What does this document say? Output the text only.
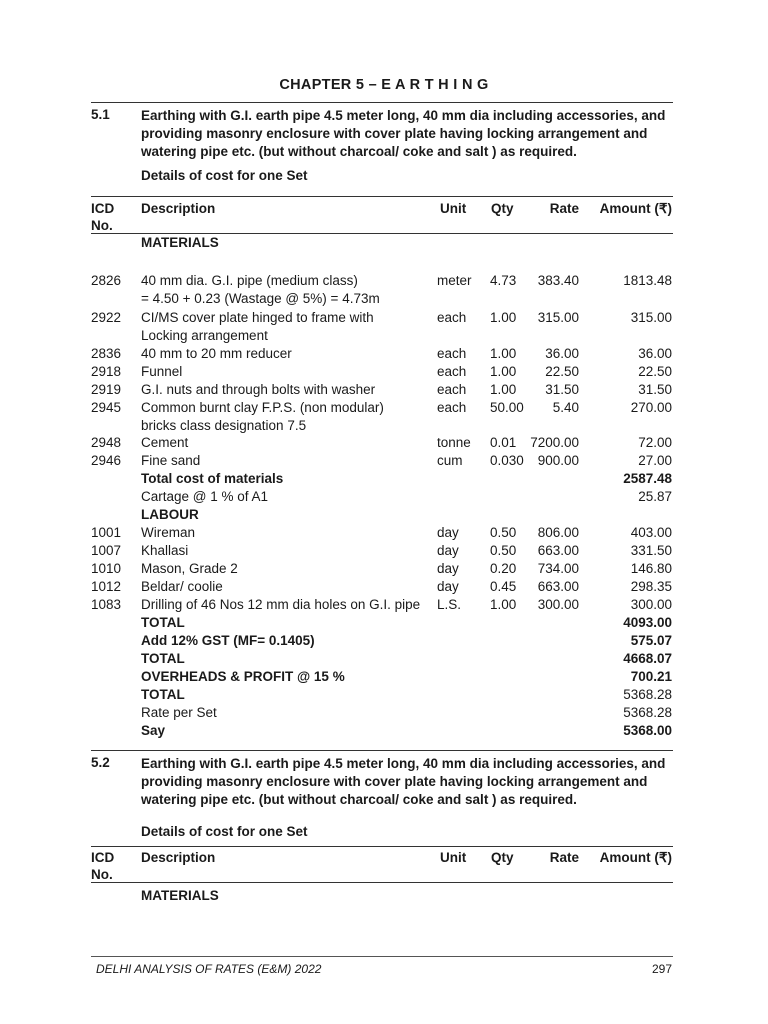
CHAPTER 5 – E A R T H I N G
5.1 Earthing with G.I. earth pipe 4.5 meter long, 40 mm dia including accessories, and
providing masonry enclosure with cover plate having locking arrangement and
watering pipe etc. (but without charcoal/ coke and salt ) as required.
Details of cost for one Set
ICD
No.
Description	Unit Qty	Rate Amount (₹)
MATERIALS
2826 40 mm dia. G.I. pipe (medium class)	meter 4.73 383.40	1813.48
= 4.50 + 0.23 (Wastage @ 5%) = 4.73m
2922 CI/MS cover plate hinged to frame with	each 1.00 315.00	315.00
Locking arrangement
2836 40 mm to 20 mm reducer	each 1.00 36.00	36.00
2918 Funnel	each 1.00 22.50	22.50
2919 G.I. nuts and through bolts with washer	each 1.00 31.50	31.50
2945 Common burnt clay F.P.S. (non modular)	each 50.00 5.40	270.00
bricks class designation 7.5
2948 Cement	tonne 0.01 7200.00	72.00
2946 Fine sand	cum 0.030 900.00	27.00
Total cost of materials	2587.48
Cartage @ 1 % of A1	25.87
LABOUR
1001 Wireman	day 0.50 806.00	403.00
1007 Khallasi	day 0.50 663.00	331.50
1010 Mason, Grade 2	day 0.20 734.00	146.80
1012 Beldar/ coolie	day 0.45 663.00	298.35
1083 Drilling of 46 Nos 12 mm dia holes on G.I. pipe L.S. 1.00 300.00	300.00
TOTAL	4093.00
Add 12% GST (MF= 0.1405)	575.07
TOTAL	4668.07
OVERHEADS & PROFIT @ 15 %	700.21
TOTAL	5368.28
Rate per Set	5368.28
Say	5368.00
5.2 Earthing with G.I. earth pipe 4.5 meter long, 40 mm dia including accessories, and
providing masonry enclosure with cover plate having locking arrangement and
watering pipe etc. (but without charcoal/ coke and salt ) as required.
Details of cost for one Set
ICD
No.
Description	Unit Qty	Rate Amount (₹)
MATERIALS
DELHI ANALYSIS OF RATES (E&M) 2022	297
